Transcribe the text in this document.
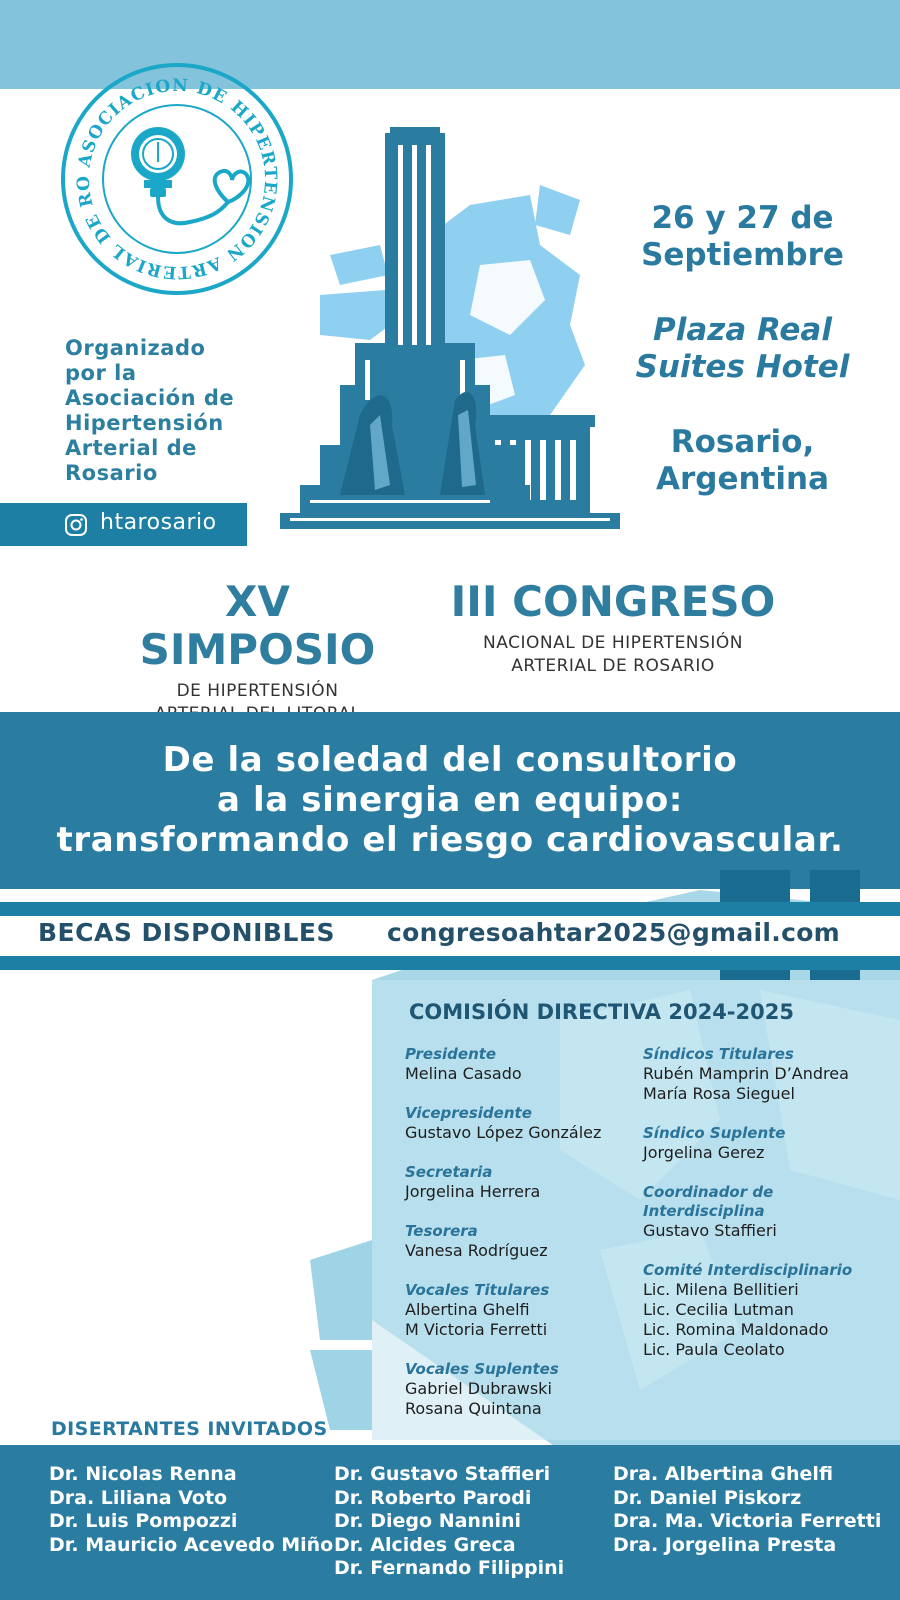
ASOCIACION DE HIPERTENSION ARTERIAL DE RO
Organizado
por la
Asociación de
Hipertensión
Arterial de
Rosario
htarosario
26 y 27 de
Septiembre
Plaza Real
Suites Hotel
Rosario,
Argentina
XV SIMPOSIO
DE HIPERTENSIÓN
III CONGRESO
NACIONAL DE HIPERTENSIÓN
ARTERIAL DE ROSARIO
De la soledad del consultorio
a la sinergia en equipo:
transformando el riesgo cardiovascular.
BECAS DISPONIBLES congresoahtar2025@gmail.com
COMISIÓN DIRECTIVA 2024-2025
Presidente
Melina Casado
Vicepresidente
Gustavo López González
Secretaria
Jorgelina Herrera
Tesorera
Vanesa Rodríguez
Vocales Titulares
Albertina Ghelfi
M Victoria Ferretti
Vocales Suplentes
Gabriel Dubrawski
Rosana Quintana
Síndicos Titulares
Rubén Mamprin D’Andrea
María Rosa Sieguel
Síndico Suplente
Jorgelina Gerez
Coordinador de
Interdisciplina
Gustavo Staffieri
Comité Interdisciplinario
Lic. Milena Bellitieri
Lic. Cecilia Lutman
Lic. Romina Maldonado
Lic. Paula Ceolato
DISERTANTES INVITADOS
Dr. Nicolas Renna
Dra. Liliana Voto
Dr. Luis Pompozzi
Dr. Mauricio Acevedo Miño
Dr. Gustavo Staffieri
Dr. Roberto Parodi
Dr. Diego Nannini
Dr. Alcides Greca
Dr. Fernando Filippini
Dra. Albertina Ghelfi
Dr. Daniel Piskorz
Dra. Ma. Victoria Ferretti
Dra. Jorgelina Presta
